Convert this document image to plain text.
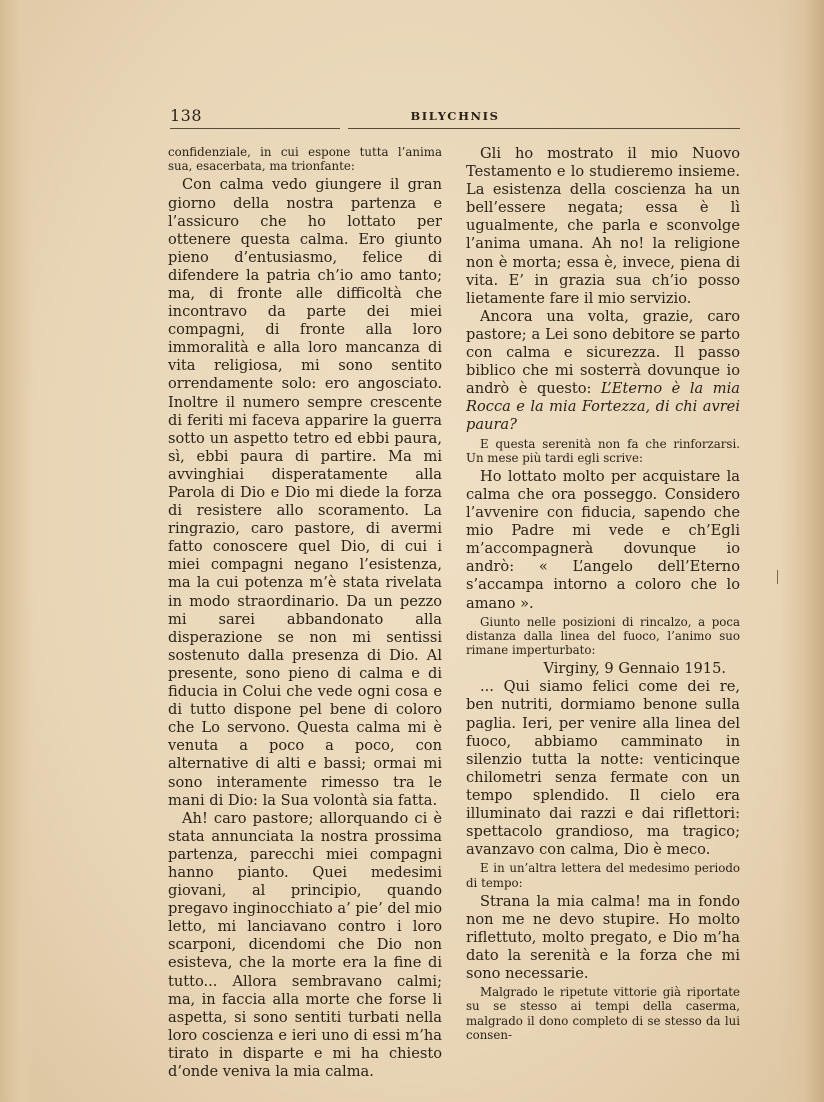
138	BILYCHNIS

confidenziale, in cui espone tutta l’anima sua, esacerbata, ma trionfante:

Con calma vedo giungere il gran giorno della nostra partenza e l’assicuro che ho lottato per ottenere questa calma. Ero giunto pieno d’entusiasmo, felice di difendere la patria ch’io amo tanto; ma, di fronte alle difficoltà che incontravo da parte dei miei compagni, di fronte alla loro immoralità e alla loro mancanza di vita religiosa, mi sono sentito orrendamente solo: ero angosciato. Inoltre il numero sempre crescente di feriti mi faceva apparire la guerra sotto un aspetto tetro ed ebbi paura, sì, ebbi paura di partire. Ma mi avvinghiai disperatamente alla Parola di Dio e Dio mi diede la forza di resistere allo scoramento. La ringrazio, caro pastore, di avermi fatto conoscere quel Dio, di cui i miei compagni negano l’esistenza, ma la cui potenza m’è stata rivelata in modo straordinario. Da un pezzo mi sarei abbandonato alla disperazione se non mi sentissi sostenuto dalla presenza di Dio. Al presente, sono pieno di calma e di fiducia in Colui che vede ogni cosa e di tutto dispone pel bene di coloro che Lo servono. Questa calma mi è venuta a poco a poco, con alternative di alti e bassi; ormai mi sono interamente rimesso tra le mani di Dio: la Sua volontà sia fatta.

Ah! caro pastore; allorquando ci è stata annunciata la nostra prossima partenza, parecchi miei compagni hanno pianto. Quei medesimi giovani, al principio, quando pregavo inginocchiato a’ pie’ del mio letto, mi lanciavano contro i loro scarponi, dicendomi che Dio non esisteva, che la morte era la fine di tutto... Allora sembravano calmi; ma, in faccia alla morte che forse li aspetta, si sono sentiti turbati nella loro coscienza e ieri uno di essi m’ha tirato in disparte e mi ha chiesto d’onde veniva la mia calma.

Gli ho mostrato il mio Nuovo Testamento e lo studieremo insieme. La esistenza della coscienza ha un bell’essere negata; essa è lì ugualmente, che parla e sconvolge l’anima umana. Ah no! la religione non è morta; essa è, invece, piena di vita. E’ in grazia sua ch’io posso lietamente fare il mio servizio.

Ancora una volta, grazie, caro pastore; a Lei sono debitore se parto con calma e sicurezza. Il passo biblico che mi sosterrà dovunque io andrò è questo: L’Eterno è la mia Rocca e la mia Fortezza, di chi avrei paura?

E questa serenità non fa che rinforzarsi. Un mese più tardi egli scrive:

Ho lottato molto per acquistare la calma che ora posseggo. Considero l’avvenire con fiducia, sapendo che mio Padre mi vede e ch’Egli m’accompagnerà dovunque io andrò: « L’angelo dell’Eterno s’accampa intorno a coloro che lo amano ».

Giunto nelle posizioni di rincalzo, a poca distanza dalla linea del fuoco, l’animo suo rimane imperturbato:

Virginy, 9 Gennaio 1915.

... Qui siamo felici come dei re, ben nutriti, dormiamo benone sulla paglia. Ieri, per venire alla linea del fuoco, abbiamo camminato in silenzio tutta la notte: venticinque chilometri senza fermate con un tempo splendido. Il cielo era illuminato dai razzi e dai riflettori: spettacolo grandioso, ma tragico; avanzavo con calma, Dio è meco.

E in un’altra lettera del medesimo periodo di tempo:

Strana la mia calma! ma in fondo non me ne devo stupire. Ho molto riflettuto, molto pregato, e Dio m’ha dato la serenità e la forza che mi sono necessarie.

Malgrado le ripetute vittorie già riportate su se stesso ai tempi della caserma, malgrado il dono completo di se stesso da lui consen-
